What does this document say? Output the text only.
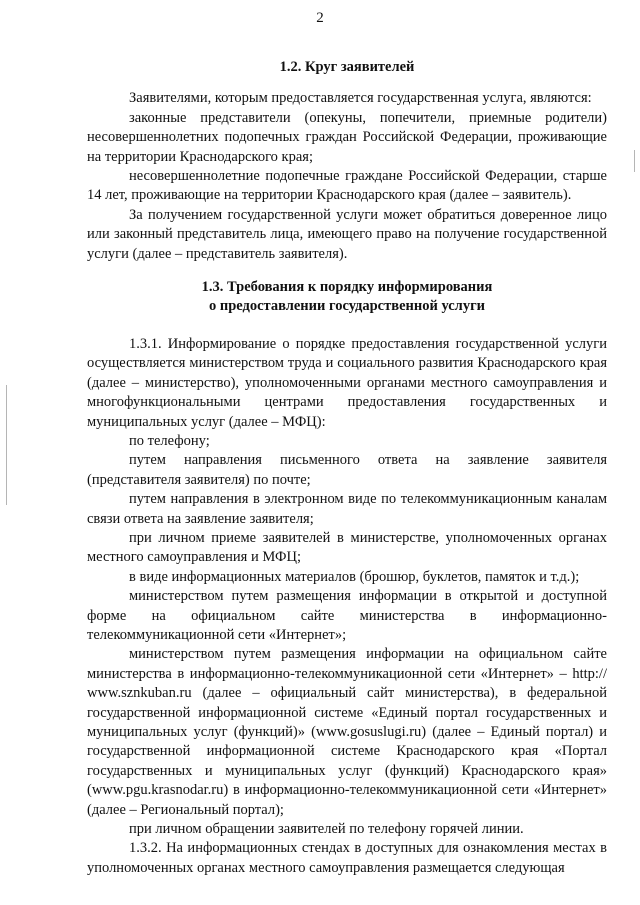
2

1.2. Круг заявителей

Заявителями, которым предоставляется государственная услуга, являются:

законные представители (опекуны, попечители, приемные родители) несовершеннолетних подопечных граждан Российской Федерации, проживающие на территории Краснодарского края;

несовершеннолетние подопечные граждане Российской Федерации, старше 14 лет, проживающие на территории Краснодарского края (далее – заявитель).

За получением государственной услуги может обратиться доверенное лицо или законный представитель лица, имеющего право на получение государственной услуги (далее – представитель заявителя).

1.3. Требования к порядку информирования
о предоставлении государственной услуги

1.3.1. Информирование о порядке предоставления государственной услуги осуществляется министерством труда и социального развития Краснодарского края (далее – министерство), уполномоченными органами местного самоуправления и многофункциональными центрами предоставления государственных и муниципальных услуг (далее – МФЦ):

по телефону;

путем направления письменного ответа на заявление заявителя (представителя заявителя) по почте;

путем направления в электронном виде по телекоммуникационным каналам связи ответа на заявление заявителя;

при личном приеме заявителей в министерстве, уполномоченных органах местного самоуправления и МФЦ;

в виде информационных материалов (брошюр, буклетов, памяток и т.д.);

министерством путем размещения информации в открытой и доступной форме на официальном сайте министерства в информационно-телекоммуникационной сети «Интернет»;

министерством путем размещения информации на официальном сайте министерства в информационно-телекоммуникационной сети «Интернет» – http:// www.sznkuban.ru (далее – официальный сайт министерства), в федеральной государственной информационной системе «Единый портал государственных и муниципальных услуг (функций)» (www.gosuslugi.ru) (далее – Единый портал) и государственной информационной системе Краснодарского края «Портал государственных и муниципальных услуг (функций) Краснодарского края» (www.pgu.krasnodar.ru) в информационно-телекоммуникационной сети «Интернет» (далее – Региональный портал);

при личном обращении заявителей по телефону горячей линии.

1.3.2. На информационных стендах в доступных для ознакомления местах в уполномоченных органах местного самоуправления размещается следующая
